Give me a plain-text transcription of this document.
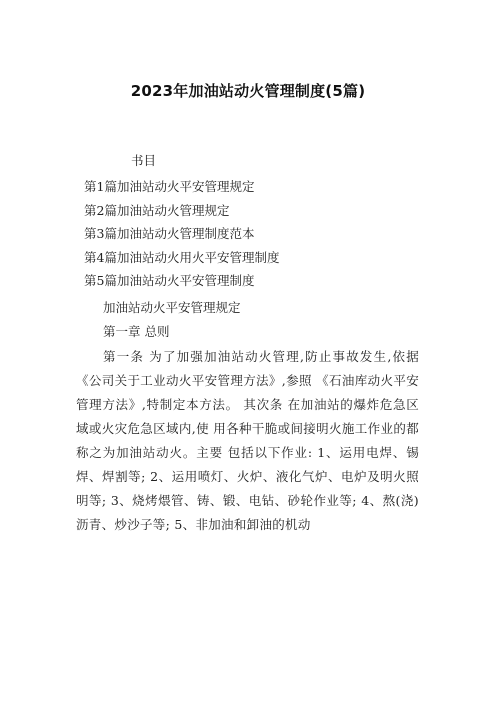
2023年加油站动火管理制度(5篇)
书目
第1篇加油站动火平安管理规定
第2篇加油站动火管理规定
第3篇加油站动火管理制度范本
第4篇加油站动火用火平安管理制度
第5篇加油站动火平安管理制度
加油站动火平安管理规定
第一章 总则

第一条 为了加强加油站动火管理,防止事故发生,依据《公司关于工业动火平安管理方法》,参照 《石油库动火平安管理方法》,特制定本方法。 其次条 在加油站的爆炸危急区域或火灾危急区域内,使 用各种干脆或间接明火施工作业的都称之为加油站动火。主要 包括以下作业: 1、运用电焊、锡焊、焊割等; 2、运用喷灯、火炉、液化气炉、电炉及明火照明等; 3、烧烤煨管、铸、锻、电钻、砂轮作业等; 4、熬(浇)沥青、炒沙子等; 5、非加油和卸油的机动
